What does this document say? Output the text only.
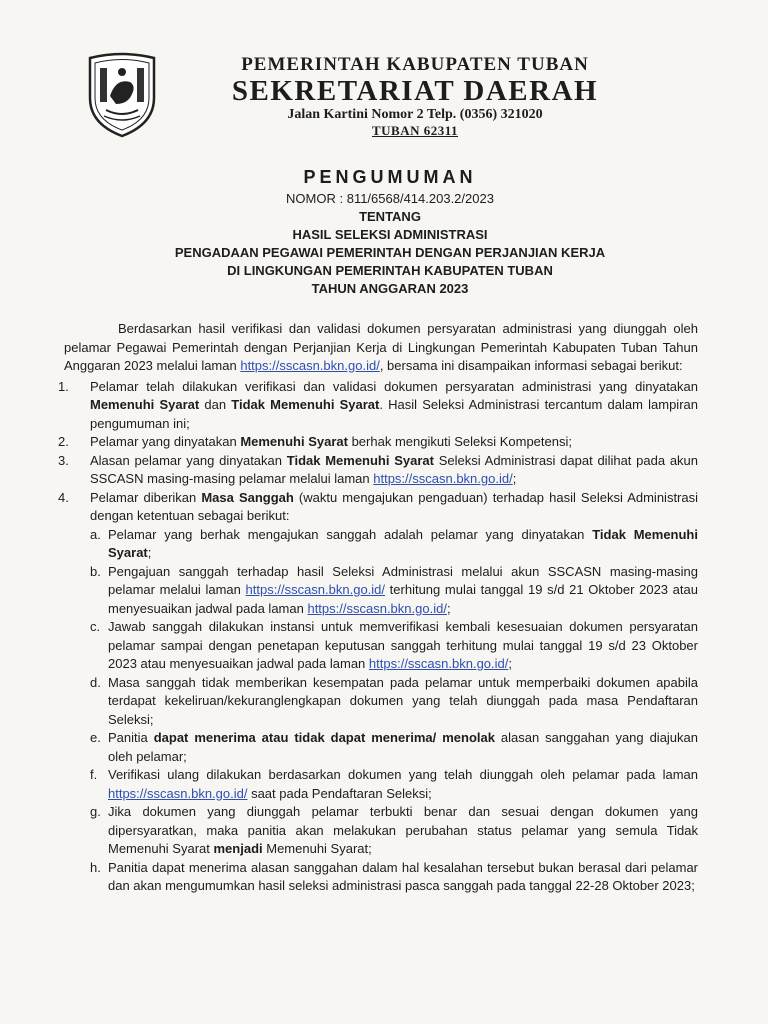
PEMERINTAH KABUPATEN TUBAN
SEKRETARIAT DAERAH
Jalan Kartini Nomor 2 Telp. (0356) 321020
TUBAN 62311
PENGUMUMAN
NOMOR : 811/6568/414.203.2/2023
TENTANG
HASIL SELEKSI ADMINISTRASI
PENGADAAN PEGAWAI PEMERINTAH DENGAN PERJANJIAN KERJA
DI LINGKUNGAN PEMERINTAH KABUPATEN TUBAN
TAHUN ANGGARAN 2023

Berdasarkan hasil verifikasi dan validasi dokumen persyaratan administrasi yang diunggah oleh pelamar Pegawai Pemerintah dengan Perjanjian Kerja di Lingkungan Pemerintah Kabupaten Tuban Tahun Anggaran 2023 melalui laman https://sscasn.bkn.go.id/, bersama ini disampaikan informasi sebagai berikut:

1. Pelamar telah dilakukan verifikasi dan validasi dokumen persyaratan administrasi yang dinyatakan Memenuhi Syarat dan Tidak Memenuhi Syarat. Hasil Seleksi Administrasi tercantum dalam lampiran pengumuman ini;
2. Pelamar yang dinyatakan Memenuhi Syarat berhak mengikuti Seleksi Kompetensi;
3. Alasan pelamar yang dinyatakan Tidak Memenuhi Syarat Seleksi Administrasi dapat dilihat pada akun SSCASN masing-masing pelamar melalui laman https://sscasn.bkn.go.id/;
4. Pelamar diberikan Masa Sanggah (waktu mengajukan pengaduan) terhadap hasil Seleksi Administrasi dengan ketentuan sebagai berikut:
a. Pelamar yang berhak mengajukan sanggah adalah pelamar yang dinyatakan Tidak Memenuhi Syarat;
b. Pengajuan sanggah terhadap hasil Seleksi Administrasi melalui akun SSCASN masing-masing pelamar melalui laman https://sscasn.bkn.go.id/ terhitung mulai tanggal 19 s/d 21 Oktober 2023 atau menyesuaikan jadwal pada laman https://sscasn.bkn.go.id/;
c. Jawab sanggah dilakukan instansi untuk memverifikasi kembali kesesuaian dokumen persyaratan pelamar sampai dengan penetapan keputusan sanggah terhitung mulai tanggal 19 s/d 23 Oktober 2023 atau menyesuaikan jadwal pada laman https://sscasn.bkn.go.id/;
d. Masa sanggah tidak memberikan kesempatan pada pelamar untuk memperbaiki dokumen apabila terdapat kekeliruan/kekuranglengkapan dokumen yang telah diunggah pada masa Pendaftaran Seleksi;
e. Panitia dapat menerima atau tidak dapat menerima/ menolak alasan sanggahan yang diajukan oleh pelamar;
f. Verifikasi ulang dilakukan berdasarkan dokumen yang telah diunggah oleh pelamar pada laman https://sscasn.bkn.go.id/ saat pada Pendaftaran Seleksi;
g. Jika dokumen yang diunggah pelamar terbukti benar dan sesuai dengan dokumen yang dipersyaratkan, maka panitia akan melakukan perubahan status pelamar yang semula Tidak Memenuhi Syarat menjadi Memenuhi Syarat;
h. Panitia dapat menerima alasan sanggahan dalam hal kesalahan tersebut bukan berasal dari pelamar dan akan mengumumkan hasil seleksi administrasi pasca sanggah pada tanggal 22-28 Oktober 2023;
